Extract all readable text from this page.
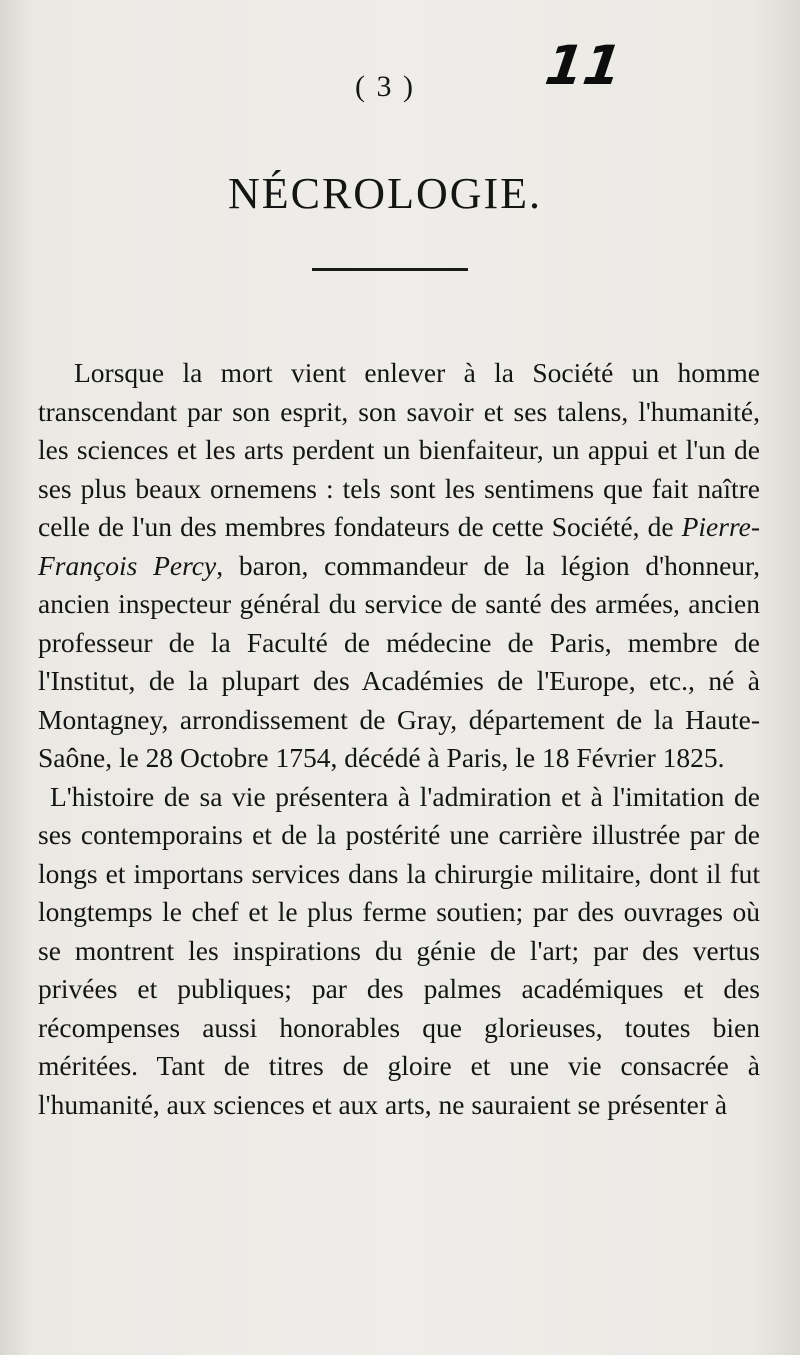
( 3 )	11
NÉCROLOGIE.

Lorsque la mort vient enlever à la Société un homme transcendant par son esprit, son savoir et ses talens, l'humanité, les sciences et les arts perdent un bienfaiteur, un appui et l'un de ses plus beaux ornemens : tels sont les sentimens que fait naître celle de l'un des membres fondateurs de cette Société, de Pierre-François Percy, baron, commandeur de la légion d'honneur, ancien inspecteur général du service de santé des armées, ancien professeur de la Faculté de médecine de Paris, membre de l'Institut, de la plupart des Académies de l'Europe, etc., né à Montagney, arrondissement de Gray, département de la Haute-Saône, le 28 Octobre 1754, décédé à Paris, le 18 Février 1825.

L'histoire de sa vie présentera à l'admiration et à l'imitation de ses contemporains et de la postérité une carrière illustrée par de longs et importans services dans la chirurgie militaire, dont il fut longtemps le chef et le plus ferme soutien; par des ouvrages où se montrent les inspirations du génie de l'art; par des vertus privées et publiques; par des palmes académiques et des récompenses aussi honorables que glorieuses, toutes bien méritées. Tant de titres de gloire et une vie consacrée à l'humanité, aux sciences et aux arts, ne sauraient se présenter à
